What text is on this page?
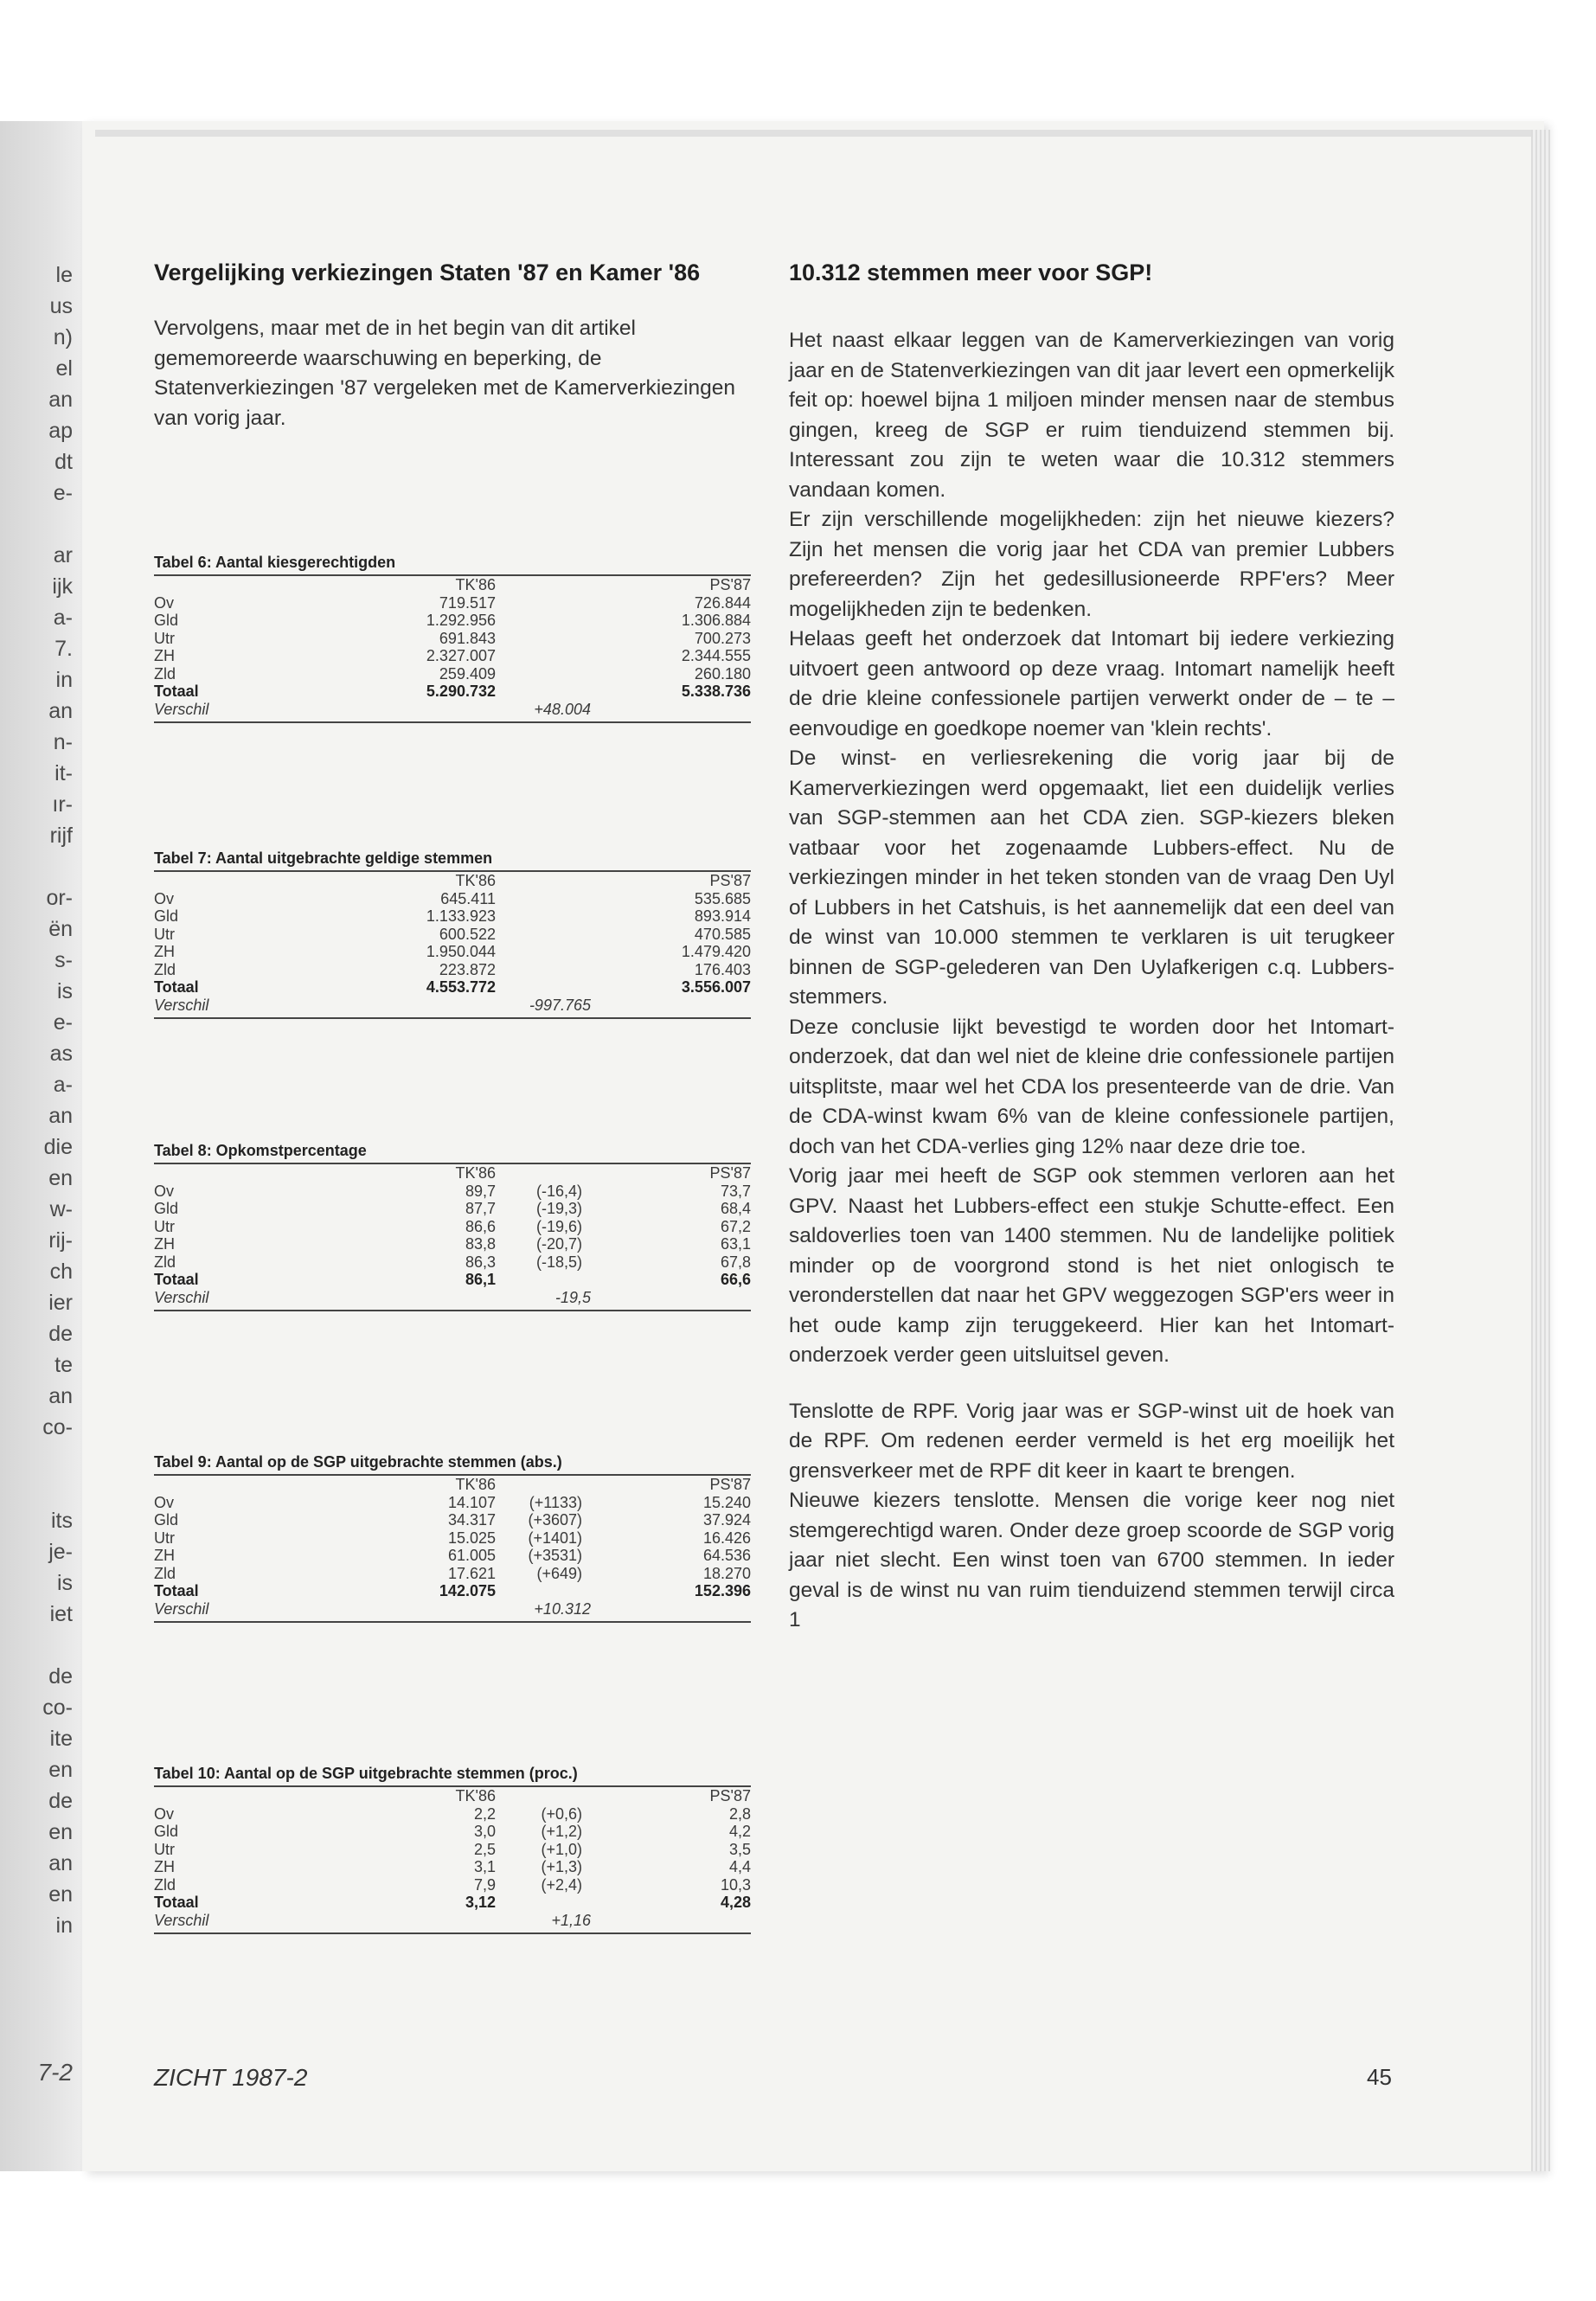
le
us
n)
el
an
ap
dt
e-
ar
ijk
a-
7.
in
an
n-
it-
ır-
rijf
or-
ën
s-
is
e-
as
a-
an
die
en
w-
rij-
ch
ier
de
te
an
co-
its
je-
is
iet
de
co-
ite
en
de
en
an
en
in
7-2
Vergelijking verkiezingen Staten '87 en Kamer '86

Vervolgens, maar met de in het begin van dit artikel gememoreerde waarschuwing en beperking, de Statenverkiezingen '87 vergeleken met de Kamerverkiezingen van vorig jaar.

Tabel 6: Aantal kiesgerechtigden
TK'86	PS'87
Ov	719.517	726.844
Gld	1.292.956	1.306.884
Utr	691.843	700.273
ZH	2.327.007	2.344.555
Zld	259.409	260.180
Totaal	5.290.732	5.338.736
Verschil	+48.004
Tabel 7: Aantal uitgebrachte geldige stemmen
TK'86	PS'87
Ov	645.411	535.685
Gld	1.133.923	893.914
Utr	600.522	470.585
ZH	1.950.044	1.479.420
Zld	223.872	176.403
Totaal	4.553.772	3.556.007
Verschil	-997.765
Tabel 8: Opkomstpercentage
TK'86	PS'87
Ov	89,7	(-16,4)	73,7
Gld	87,7	(-19,3)	68,4
Utr	86,6	(-19,6)	67,2
ZH	83,8	(-20,7)	63,1
Zld	86,3	(-18,5)	67,8
Totaal	86,1	66,6
Verschil	-19,5
Tabel 9: Aantal op de SGP uitgebrachte stemmen (abs.)
TK'86	PS'87
Ov	14.107 (+1133)	15.240
Gld	34.317 (+3607)	37.924
Utr	15.025 (+1401)	16.426
ZH	61.005 (+3531)	64.536
Zld	17.621	(+649)	18.270
Totaal	142.075	152.396
Verschil	+10.312
Tabel 10: Aantal op de SGP uitgebrachte stemmen (proc.)
TK'86	PS'87
Ov	2,2	(+0,6)	2,8
Gld	3,0	(+1,2)	4,2
Utr	2,5	(+1,0)	3,5
ZH	3,1	(+1,3)	4,4
Zld	7,9	(+2,4)	10,3
Totaal	3,12	4,28
Verschil	+1,16
10.312 stemmen meer voor SGP!

Het naast elkaar leggen van de Kamerverkiezingen van vorig jaar en de Statenverkiezingen van dit jaar levert een opmerkelijk feit op: hoewel bijna 1 miljoen minder mensen naar de stembus gingen, kreeg de SGP er ruim tienduizend stemmen bij. Interessant zou zijn te weten waar die 10.312 stemmers vandaan komen.

Er zijn verschillende mogelijkheden: zijn het nieuwe kiezers? Zijn het mensen die vorig jaar het CDA van premier Lubbers prefereerden? Zijn het gedesillusioneerde RPF'ers? Meer mogelijkheden zijn te bedenken.

Helaas geeft het onderzoek dat Intomart bij iedere verkiezing uitvoert geen antwoord op deze vraag. Intomart namelijk heeft de drie kleine confessionele partijen verwerkt onder de – te – eenvoudige en goedkope noemer van 'klein rechts'.

De winst- en verliesrekening die vorig jaar bij de Kamerverkiezingen werd opgemaakt, liet een duidelijk verlies van SGP-stemmen aan het CDA zien. SGP-kiezers bleken vatbaar voor het zogenaamde Lubbers-effect. Nu de verkiezingen minder in het teken stonden van de vraag Den Uyl of Lubbers in het Catshuis, is het aannemelijk dat een deel van de winst van 10.000 stemmen te verklaren is uit terugkeer binnen de SGP-gelederen van Den Uylafkerigen c.q. Lubbers-stemmers.

Deze conclusie lijkt bevestigd te worden door het Intomart-onderzoek, dat dan wel niet de kleine drie confessionele partijen uitsplitste, maar wel het CDA los presenteerde van de drie. Van de CDA-winst kwam 6% van de kleine confessionele partijen, doch van het CDA-verlies ging 12% naar deze drie toe.

Vorig jaar mei heeft de SGP ook stemmen verloren aan het GPV. Naast het Lubbers-effect een stukje Schutte-effect. Een saldoverlies toen van 1400 stemmen. Nu de landelijke politiek minder op de voorgrond stond is het niet onlogisch te veronderstellen dat naar het GPV weggezogen SGP'ers weer in het oude kamp zijn teruggekeerd. Hier kan het Intomart-onderzoek verder geen uitsluitsel geven.

Tenslotte de RPF. Vorig jaar was er SGP-winst uit de hoek van de RPF. Om redenen eerder vermeld is het erg moeilijk het grensverkeer met de RPF dit keer in kaart te brengen.

Nieuwe kiezers tenslotte. Mensen die vorige keer nog niet stemgerechtigd waren. Onder deze groep scoorde de SGP vorig jaar niet slecht. Een winst toen van 6700 stemmen. In ieder geval is de winst nu van ruim tienduizend stemmen terwijl circa 1

ZICHT 1987-2	45
